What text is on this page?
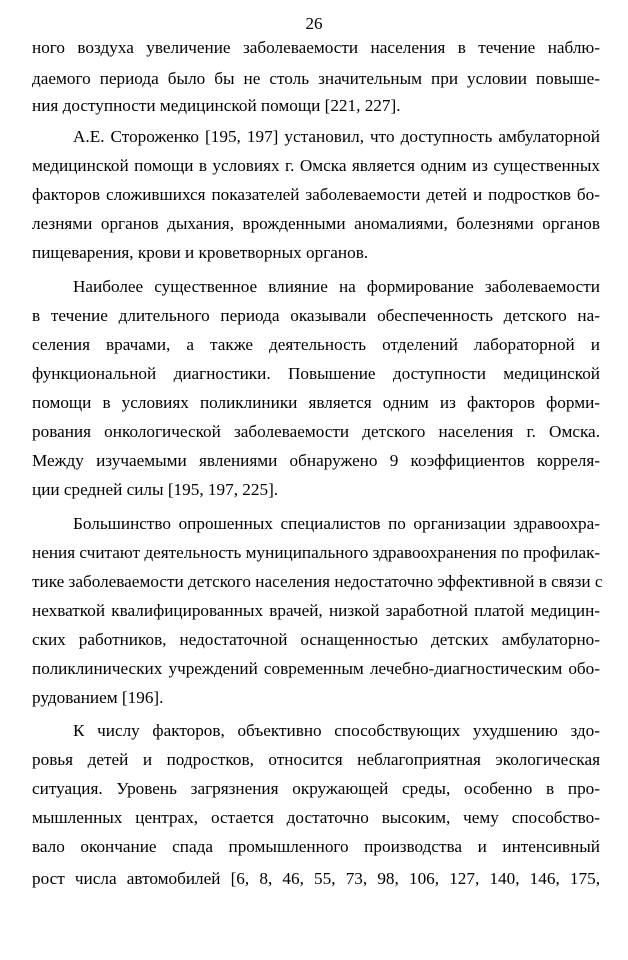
26
ного воздуха увеличение заболеваемости населения в течение наблю-
даемого периода было бы не столь значительным при условии повыше-
ния доступности медицинской помощи [221, 227].
А.Е. Стороженко [195, 197] установил, что доступность амбулаторной
медицинской помощи в условиях г. Омска является одним из существенных
факторов сложившихся показателей заболеваемости детей и подростков бо-
лезнями органов дыхания, врожденными аномалиями, болезнями органов
пищеварения, крови и кроветворных органов.
Наиболее существенное влияние на формирование заболеваемости
в течение длительного периода оказывали обеспеченность детского на-
селения врачами, а также деятельность отделений лабораторной и
функциональной диагностики. Повышение доступности медицинской
помощи в условиях поликлиники является одним из факторов форми-
рования онкологической заболеваемости детского населения г. Омска.
Между изучаемыми явлениями обнаружено 9 коэффициентов корреля-
ции средней силы [195, 197, 225].
Большинство опрошенных специалистов по организации здравоохра-
нения считают деятельность муниципального здравоохранения по профилак-
тике заболеваемости детского населения недостаточно эффективной в связи с
нехваткой квалифицированных врачей, низкой заработной платой медицин-
ских работников, недостаточной оснащенностью детских амбулаторно-
поликлинических учреждений современным лечебно-диагностическим обо-
рудованием [196].
К числу факторов, объективно способствующих ухудшению здо-
ровья детей и подростков, относится неблагоприятная экологическая
ситуация. Уровень загрязнения окружающей среды, особенно в про-
мышленных центрах, остается достаточно высоким, чему способство-
вало окончание спада промышленного производства и интенсивный
рост числа автомобилей [6, 8, 46, 55, 73, 98, 106, 127, 140, 146, 175,
